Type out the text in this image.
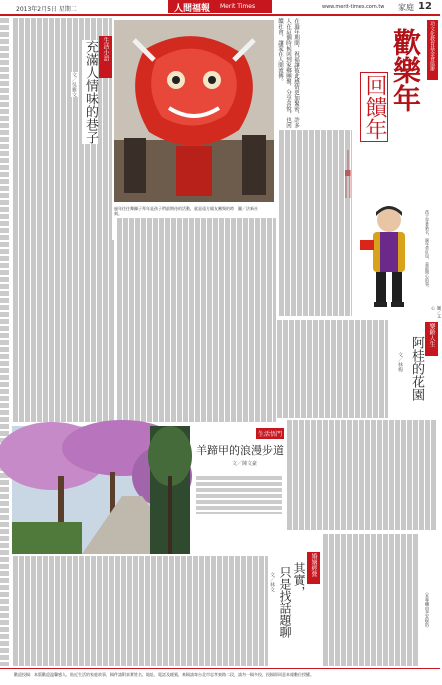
2013年2月5日 星期二	人間福報 Merit Times	www.merit-times.com.tw 家庭 12
生活小語
充滿人情味的巷子
文／吳雅文
過年往往舞獅子拜年是孩子們最期待的活動，就是遠方親友團聚的時刻。
圖／法新社
在過年期間，祝福讓彼此感情更加緊密，許多人在這個時候回到家鄉團聚，分享喜悅，也回饋社會，讓愛在人間流傳。	功文化教育基金會協辦
歡樂年
回饋年
孩子穿著新衣，過年拿紅包，是最開心的事。
圖／文心
樂齡人生
阿桂的花園
文／林梅
生活悟門
羊蹄甲的浪漫步道
文／陳文豪
婚姻經營
其實，
只是找話題聊
文／林文
（本專欄由李安提供）
歡迎投稿：本版歡迎溫馨感人、貼近生活的家庭故事，稿件請附真實姓名、地址、電話及帳號，來稿請寄台北市忠孝東路二段，請勿一稿多投，投稿即同意本報數位授權。
